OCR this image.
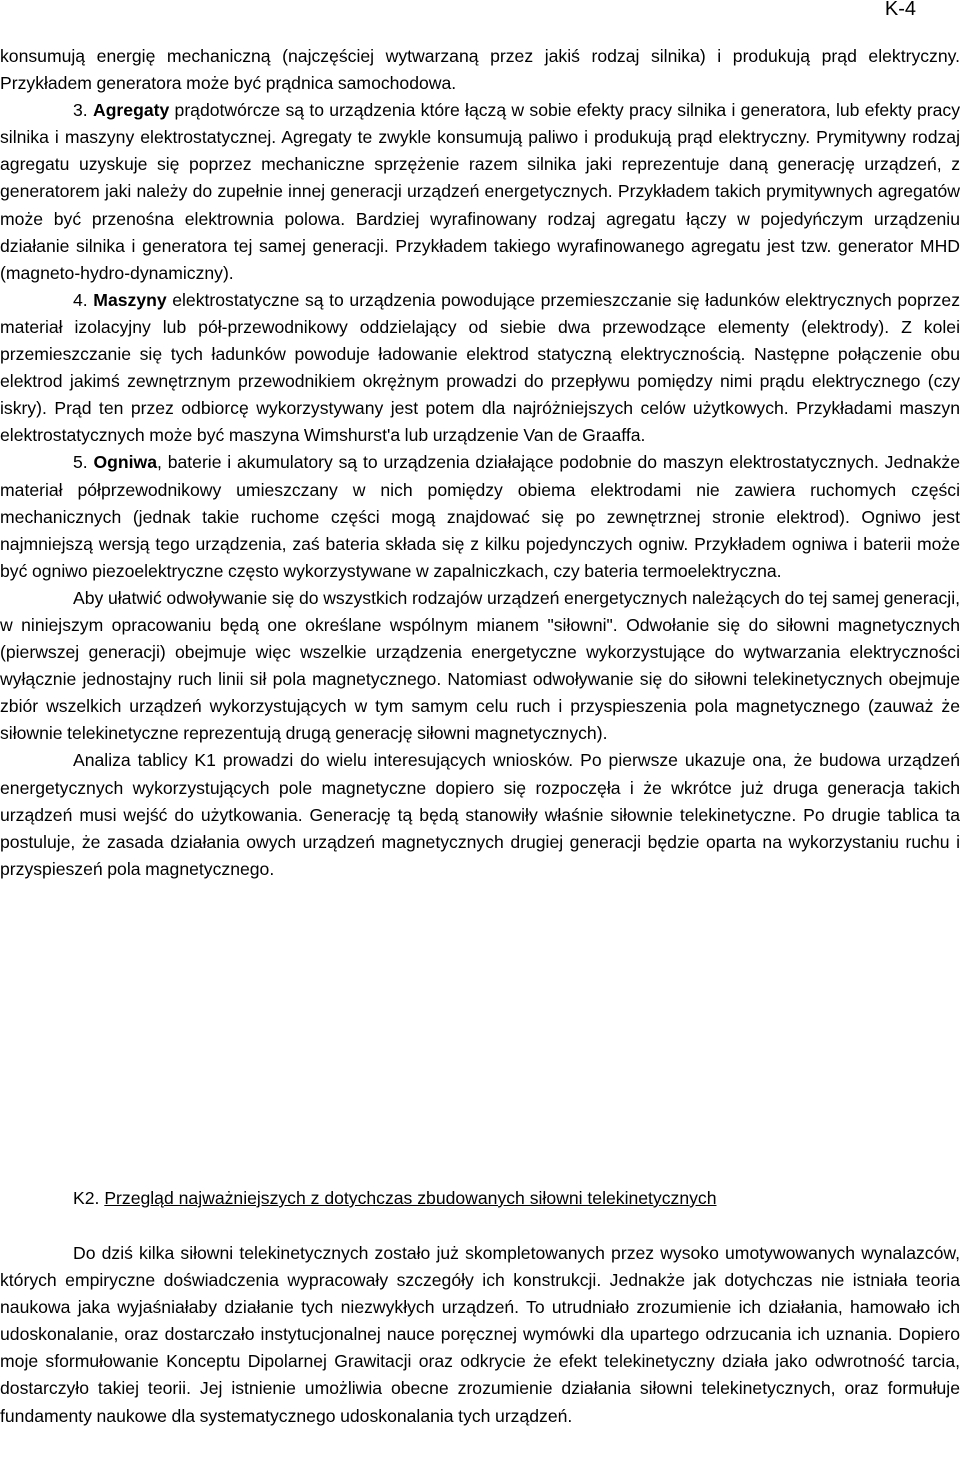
K-4

konsumują energię mechaniczną (najczęściej wytwarzaną przez jakiś rodzaj silnika) i produkują prąd elektryczny. Przykładem generatora może być prądnica samochodowa.

3. Agregaty prądotwórcze są to urządzenia które łączą w sobie efekty pracy silnika i generatora, lub efekty pracy silnika i maszyny elektrostatycznej. Agregaty te zwykle konsumują paliwo i produkują prąd elektryczny. Prymitywny rodzaj agregatu uzyskuje się poprzez mechaniczne sprzężenie razem silnika jaki reprezentuje daną generację urządzeń, z generatorem jaki należy do zupełnie innej generacji urządzeń energetycznych. Przykładem takich prymitywnych agregatów może być przenośna elektrownia polowa. Bardziej wyrafinowany rodzaj agregatu łączy w pojedyńczym urządzeniu działanie silnika i generatora tej samej generacji. Przykładem takiego wyrafinowanego agregatu jest tzw. generator MHD (magneto-hydro-dynamiczny).

4. Maszyny elektrostatyczne są to urządzenia powodujące przemieszczanie się ładunków elektrycznych poprzez materiał izolacyjny lub pół-przewodnikowy oddzielający od siebie dwa przewodzące elementy (elektrody). Z kolei przemieszczanie się tych ładunków powoduje ładowanie elektrod statyczną elektrycznością. Następne połączenie obu elektrod jakimś zewnętrznym przewodnikiem okrężnym prowadzi do przepływu pomiędzy nimi prądu elektrycznego (czy iskry). Prąd ten przez odbiorcę wykorzystywany jest potem dla najróżniejszych celów użytkowych. Przykładami maszyn elektrostatycznych może być maszyna Wimshurst'a lub urządzenie Van de Graaffa.

5. Ogniwa, baterie i akumulatory są to urządzenia działające podobnie do maszyn elektrostatycznych. Jednakże materiał półprzewodnikowy umieszczany w nich pomiędzy obiema elektrodami nie zawiera ruchomych części mechanicznych (jednak takie ruchome części mogą znajdować się po zewnętrznej stronie elektrod). Ogniwo jest najmniejszą wersją tego urządzenia, zaś bateria składa się z kilku pojedynczych ogniw. Przykładem ogniwa i baterii może być ogniwo piezoelektryczne często wykorzystywane w zapalniczkach, czy bateria termoelektryczna.

Aby ułatwić odwoływanie się do wszystkich rodzajów urządzeń energetycznych należących do tej samej generacji, w niniejszym opracowaniu będą one określane wspólnym mianem "siłowni". Odwołanie się do siłowni magnetycznych (pierwszej generacji) obejmuje więc wszelkie urządzenia energetyczne wykorzystujące do wytwarzania elektryczności wyłącznie jednostajny ruch linii sił pola magnetycznego. Natomiast odwoływanie się do siłowni telekinetycznych obejmuje zbiór wszelkich urządzeń wykorzystujących w tym samym celu ruch i przyspieszenia pola magnetycznego (zauważ że siłownie telekinetyczne reprezentują drugą generację siłowni magnetycznych).

Analiza tablicy K1 prowadzi do wielu interesujących wniosków. Po pierwsze ukazuje ona, że budowa urządzeń energetycznych wykorzystujących pole magnetyczne dopiero się rozpoczęła i że wkrótce już druga generacja takich urządzeń musi wejść do użytkowania. Generację tą będą stanowiły właśnie siłownie telekinetyczne. Po drugie tablica ta postuluje, że zasada działania owych urządzeń magnetycznych drugiej generacji będzie oparta na wykorzystaniu ruchu i przyspieszeń pola magnetycznego.

K2. Przegląd najważniejszych z dotychczas zbudowanych siłowni telekinetycznych

Do dziś kilka siłowni telekinetycznych zostało już skompletowanych przez wysoko umotywowanych wynalazców, których empiryczne doświadczenia wypracowały szczegóły ich konstrukcji. Jednakże jak dotychczas nie istniała teoria naukowa jaka wyjaśniałaby działanie tych niezwykłych urządzeń. To utrudniało zrozumienie ich działania, hamowało ich udoskonalanie, oraz dostarczało instytucjonalnej nauce poręcznej wymówki dla upartego odrzucania ich uznania. Dopiero moje sformułowanie Konceptu Dipolarnej Grawitacji oraz odkrycie że efekt telekinetyczny działa jako odwrotność tarcia, dostarczyło takiej teorii. Jej istnienie umożliwia obecne zrozumienie działania siłowni telekinetycznych, oraz formułuje fundamenty naukowe dla systematycznego udoskonalania tych urządzeń.
